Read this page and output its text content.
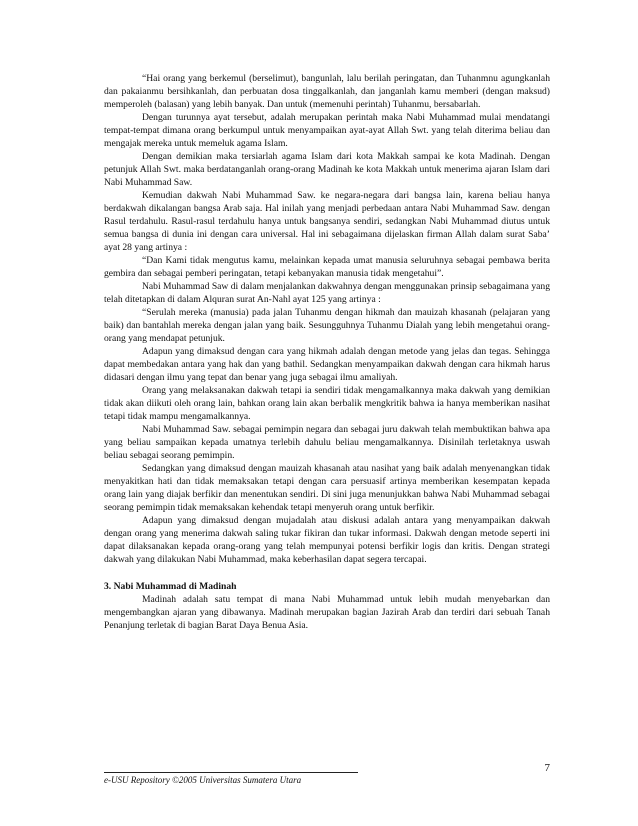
“Hai orang yang berkemul (berselimut), bangunlah, lalu berilah peringatan, dan Tuhanmnu agungkanlah dan pakaianmu bersihkanlah, dan perbuatan dosa tinggalkanlah, dan janganlah kamu memberi (dengan maksud) memperoleh (balasan) yang lebih banyak. Dan untuk (memenuhi perintah) Tuhanmu, bersabarlah.

Dengan turunnya ayat tersebut, adalah merupakan perintah maka Nabi Muhammad mulai mendatangi tempat-tempat dimana orang berkumpul untuk menyampaikan ayat-ayat Allah Swt. yang telah diterima beliau dan mengajak mereka untuk memeluk agama Islam.

Dengan demikian maka tersiarlah agama Islam dari kota Makkah sampai ke kota Madinah. Dengan petunjuk Allah Swt. maka berdatanganlah orang-orang Madinah ke kota Makkah untuk menerima ajaran Islam dari Nabi Muhammad Saw.

Kemudian dakwah Nabi Muhammad Saw. ke negara-negara dari bangsa lain, karena beliau hanya berdakwah dikalangan bangsa Arab saja. Hal inilah yang menjadi perbedaan antara Nabi Muhammad Saw. dengan Rasul terdahulu. Rasul-rasul terdahulu hanya untuk bangsanya sendiri, sedangkan Nabi Muhammad diutus untuk semua bangsa di dunia ini dengan cara universal. Hal ini sebagaimana dijelaskan firman Allah dalam surat Saba’ ayat 28 yang artinya :

“Dan Kami tidak mengutus kamu, melainkan kepada umat manusia seluruhnya sebagai pembawa berita gembira dan sebagai pemberi peringatan, tetapi kebanyakan manusia tidak mengetahui”.

Nabi Muhammad Saw di dalam menjalankan dakwahnya dengan menggunakan prinsip sebagaimana yang telah ditetapkan di dalam Alquran surat An-Nahl ayat 125 yang artinya :

“Serulah mereka (manusia) pada jalan Tuhanmu dengan hikmah dan mauizah khasanah (pelajaran yang baik) dan bantahlah mereka dengan jalan yang baik. Sesungguhnya Tuhanmu Dialah yang lebih mengetahui orang-orang yang mendapat petunjuk.

Adapun yang dimaksud dengan cara yang hikmah adalah dengan metode yang jelas dan tegas. Sehingga dapat membedakan antara yang hak dan yang bathil. Sedangkan menyampaikan dakwah dengan cara hikmah harus didasari dengan ilmu yang tepat dan benar yang juga sebagai ilmu amaliyah.

Orang yang melaksanakan dakwah tetapi ia sendiri tidak mengamalkannya maka dakwah yang demikian tidak akan diikuti oleh orang lain, bahkan orang lain akan berbalik mengkritik bahwa ia hanya memberikan nasihat tetapi tidak mampu mengamalkannya.

Nabi Muhammad Saw. sebagai pemimpin negara dan sebagai juru dakwah telah membuktikan bahwa apa yang beliau sampaikan kepada umatnya terlebih dahulu beliau mengamalkannya. Disinilah terletaknya uswah beliau sebagai seorang pemimpin.

Sedangkan yang dimaksud dengan mauizah khasanah atau nasihat yang baik adalah menyenangkan tidak menyakitkan hati dan tidak memaksakan tetapi dengan cara persuasif artinya memberikan kesempatan kepada orang lain yang diajak berfikir dan menentukan sendiri. Di sini juga menunjukkan bahwa Nabi Muhammad sebagai seorang pemimpin tidak memaksakan kehendak tetapi menyeruh orang untuk berfikir.

Adapun yang dimaksud dengan mujadalah atau diskusi adalah antara yang menyampaikan dakwah dengan orang yang menerima dakwah saling tukar fikiran dan tukar informasi. Dakwah dengan metode seperti ini dapat dilaksanakan kepada orang-orang yang telah mempunyai potensi berfikir logis dan kritis. Dengan strategi dakwah yang dilakukan Nabi Muhammad, maka keberhasilan dapat segera tercapai.

3. Nabi Muhammad di Madinah

Madinah adalah satu tempat di mana Nabi Muhammad untuk lebih mudah menyebarkan dan mengembangkan ajaran yang dibawanya. Madinah merupakan bagian Jazirah Arab dan terdiri dari sebuah Tanah Penanjung terletak di bagian Barat Daya Benua Asia.

7
e-USU Repository ©2005 Universitas Sumatera Utara
